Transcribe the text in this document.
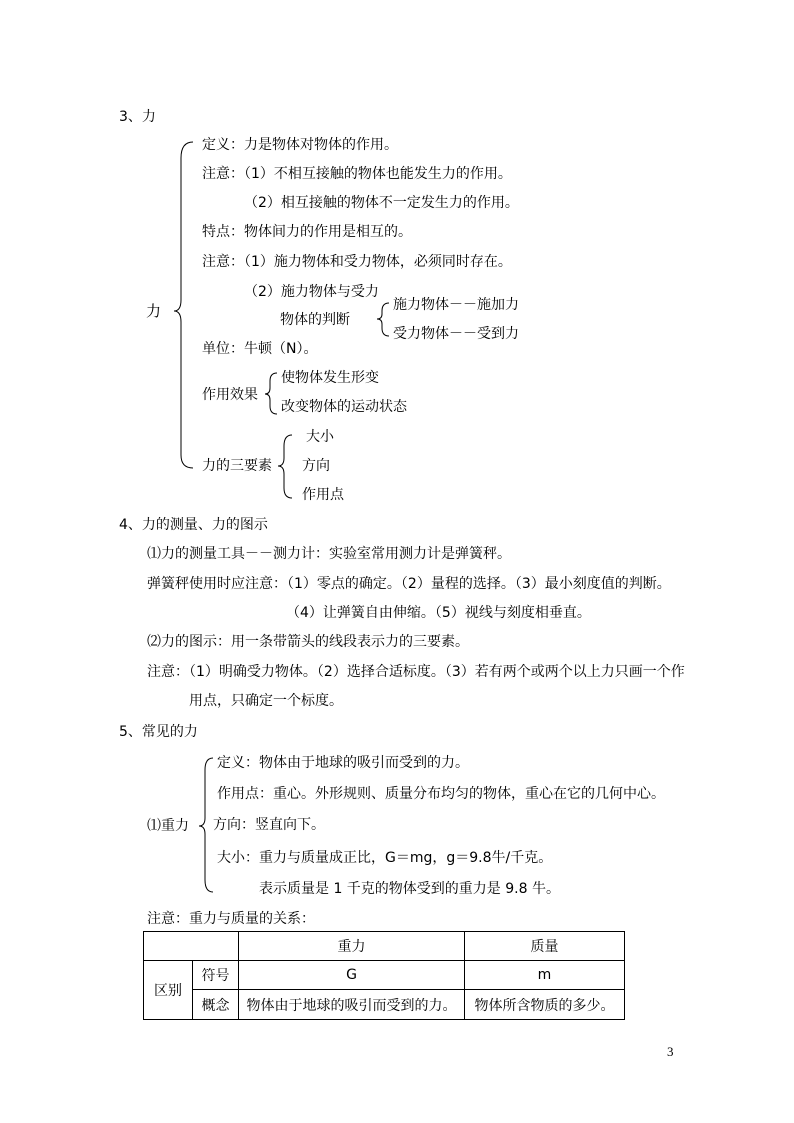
3、力
力
定义：力是物体对物体的作用。
注意：（1）不相互接触的物体也能发生力的作用。
（2）相互接触的物体不一定发生力的作用。
特点：物体间力的作用是相互的。
注意：（1）施力物体和受力物体，必须同时存在。
（2）施力物体与受力
物体的判断
施力物体－－施加力
受力物体－－受到力
单位：牛顿（N）。
作用效果
使物体发生形变
改变物体的运动状态
力的三要素
大小
方向
作用点
4、力的测量、力的图示
⑴力的测量工具－－测力计：实验室常用测力计是弹簧秤。
弹簧秤使用时应注意：（1）零点的确定。（2）量程的选择。（3）最小刻度值的判断。
（4）让弹簧自由伸缩。（5）视线与刻度相垂直。
⑵力的图示：用一条带箭头的线段表示力的三要素。
注意：（1）明确受力物体。（2）选择合适标度。（3）若有两个或两个以上力只画一个作
用点，只确定一个标度。
5、常见的力
⑴重力
定义：物体由于地球的吸引而受到的力。
作用点：重心。外形规则、质量分布均匀的物体，重心在它的几何中心。
方向：竖直向下。
大小：重力与质量成正比，G＝mg，g＝9.8牛/千克。
表示质量是 1 千克的物体受到的重力是 9.8 牛。
注意：重力与质量的关系：
		重力	质量
区别	符号	G	m
	概念	物体由于地球的吸引而受到的力。	物体所含物质的多少。
3
